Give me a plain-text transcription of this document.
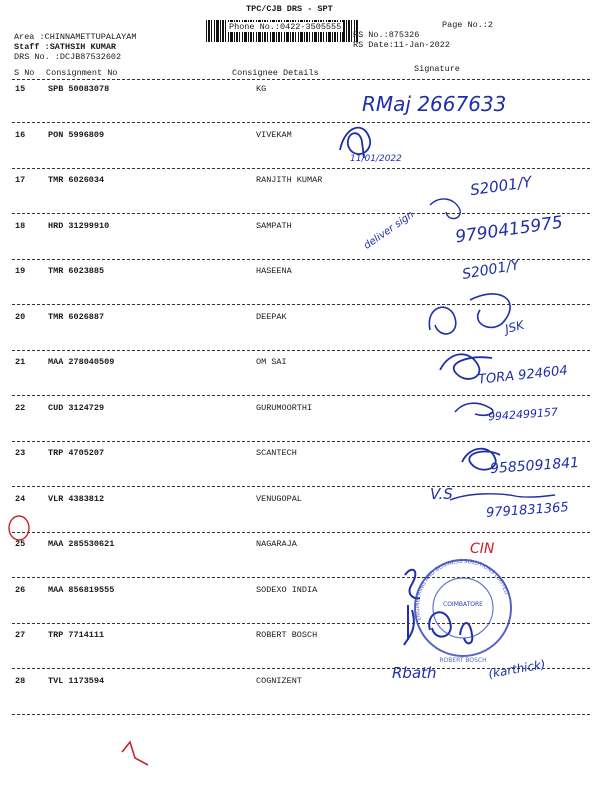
TPC/CJB DRS - SPT
Phone No.:0422-3505555
Area :CHINNAMETTUPALAYAM
Staff :SATHSIH KUMAR
DRS No. :DCJB87532602
Page No.:2
RS No.:875326
RS Date:11-Jan-2022
S No Consignment No	Consignee Details	Signature
15	SPB 50083078	KG
16	PON 5996809	VIVEKAM
17	TMR 6026034	RANJITH KUMAR
18	HRD 31299910	SAMPATH
19	TMR 6023885	HASEENA
20	TMR 6026887	DEEPAK
21	MAA 278040509	OM SAI
22	CUD 3124729	GURUMOORTHI
23	TRP 4705207	SCANTECH
24	VLR 4383812	VENUGOPAL
25	MAA 285530621	NAGARAJA
26	MAA 856819555	SODEXO INDIA
27	TRP 7714111	ROBERT BOSCH
28	TVL 1173594	COGNIZENT
COIMBATORE
ROBERT BOSCH
ENGINEERING AND BUSINESS SOLUTIONS LIMITED
CIN
RMaj 2667633
11/01/2022
S2001/Y
deliver sign 9790415975
S2001/Y
JSK
TORA 924604
9942499157
9585091841
V.S
9791831365
Rbath	(karthick)
